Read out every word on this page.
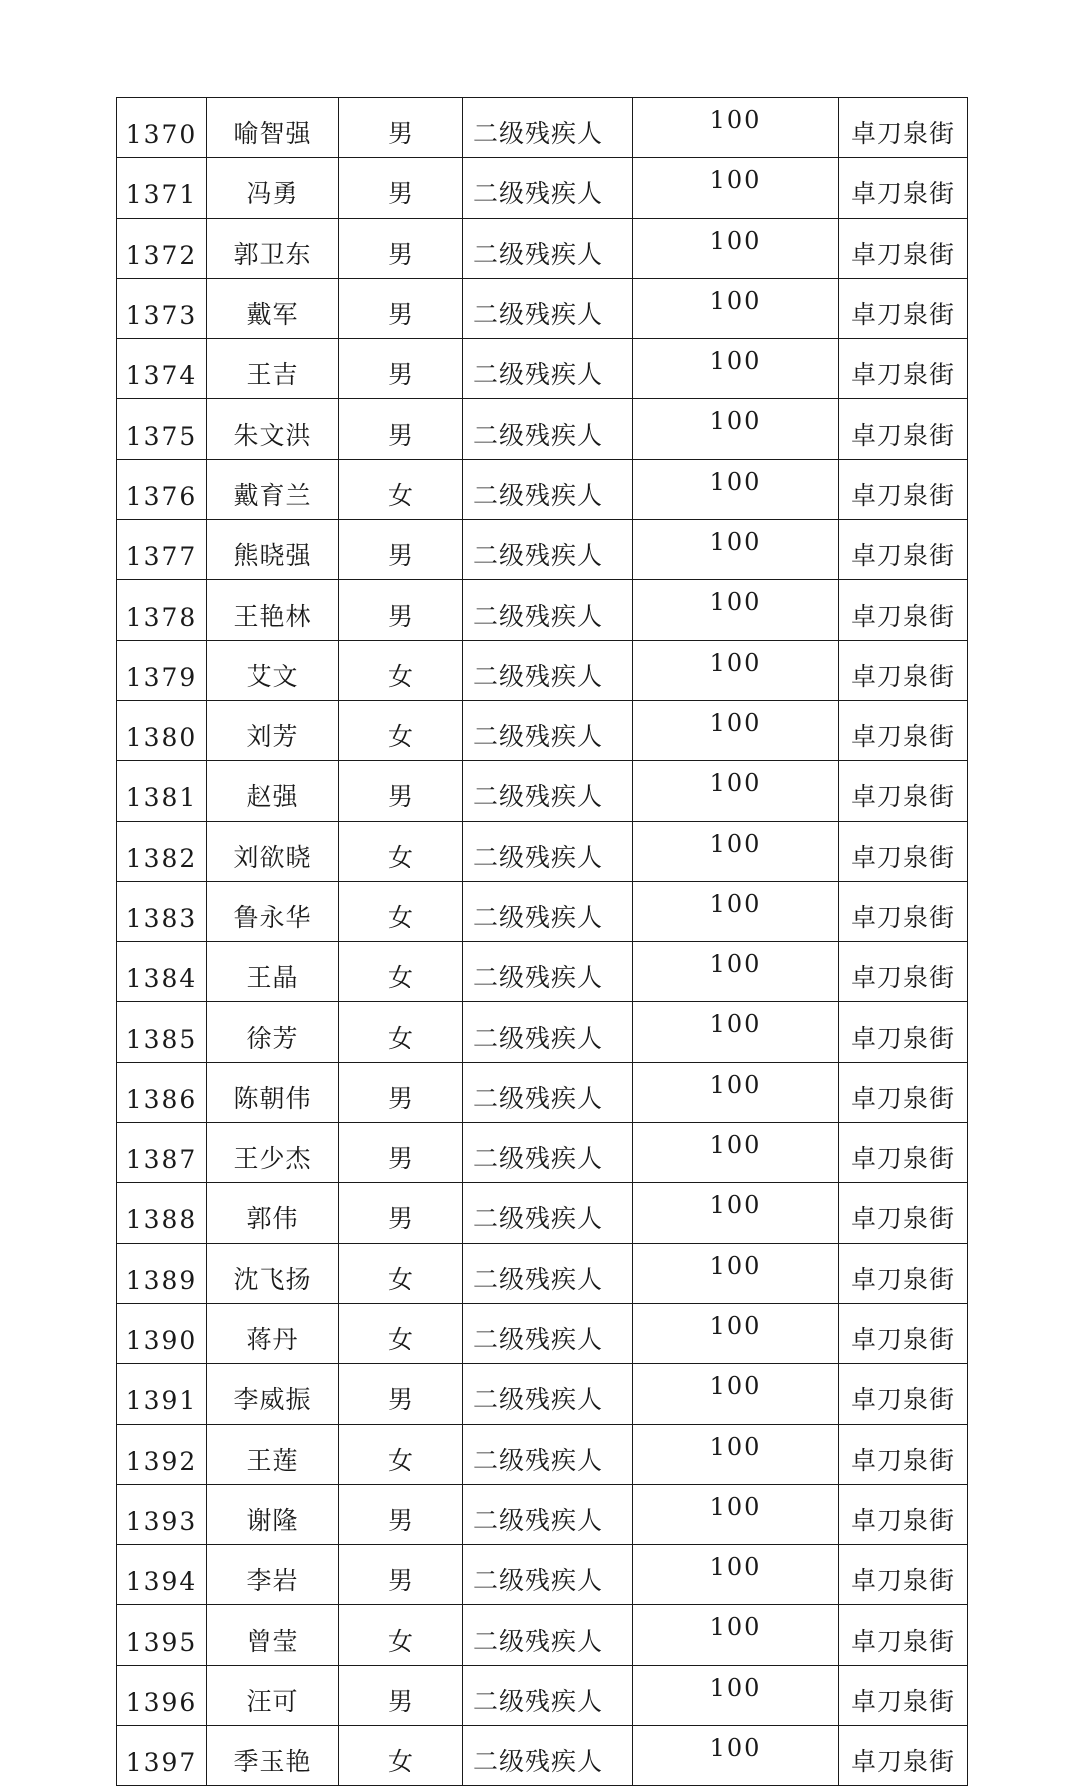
1370	喻智强	男	二级残疾人	100	卓刀泉街
1371	冯勇	男	二级残疾人	100	卓刀泉街
1372	郭卫东	男	二级残疾人	100	卓刀泉街
1373	戴军	男	二级残疾人	100	卓刀泉街
1374	王吉	男	二级残疾人	100	卓刀泉街
1375	朱文洪	男	二级残疾人	100	卓刀泉街
1376	戴育兰	女	二级残疾人	100	卓刀泉街
1377	熊晓强	男	二级残疾人	100	卓刀泉街
1378	王艳林	男	二级残疾人	100	卓刀泉街
1379	艾文	女	二级残疾人	100	卓刀泉街
1380	刘芳	女	二级残疾人	100	卓刀泉街
1381	赵强	男	二级残疾人	100	卓刀泉街
1382	刘欲晓	女	二级残疾人	100	卓刀泉街
1383	鲁永华	女	二级残疾人	100	卓刀泉街
1384	王晶	女	二级残疾人	100	卓刀泉街
1385	徐芳	女	二级残疾人	100	卓刀泉街
1386	陈朝伟	男	二级残疾人	100	卓刀泉街
1387	王少杰	男	二级残疾人	100	卓刀泉街
1388	郭伟	男	二级残疾人	100	卓刀泉街
1389	沈飞扬	女	二级残疾人	100	卓刀泉街
1390	蒋丹	女	二级残疾人	100	卓刀泉街
1391	李威振	男	二级残疾人	100	卓刀泉街
1392	王莲	女	二级残疾人	100	卓刀泉街
1393	谢隆	男	二级残疾人	100	卓刀泉街
1394	李岩	男	二级残疾人	100	卓刀泉街
1395	曾莹	女	二级残疾人	100	卓刀泉街
1396	汪可	男	二级残疾人	100	卓刀泉街
1397	季玉艳	女	二级残疾人	100	卓刀泉街
